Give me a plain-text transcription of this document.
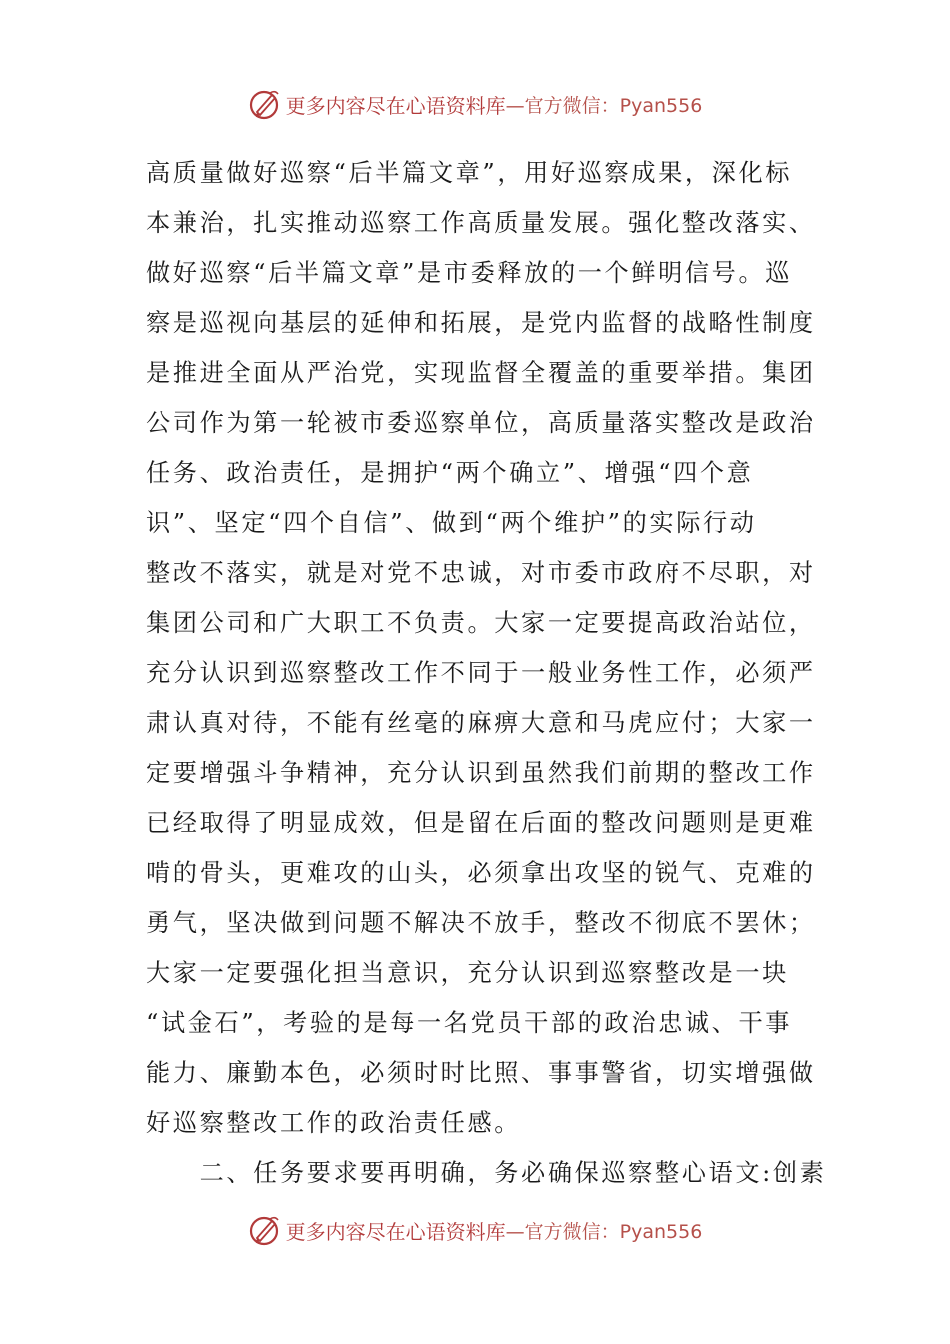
更多内容尽在心语资料库 —官方微信：Pyan556
高质量做好巡察“后半篇文章”，用好巡察成果，深化标
本兼治，扎实推动巡察工作高质量发展。强化整改落实、
做好巡察“后半篇文章”是市委释放的一个鲜明信号。巡
察是巡视向基层的延伸和拓展，是党内监督的战略性制度
是推进全面从严治党，实现监督全覆盖的重要举措。集团
公司作为第一轮被市委巡察单位，高质量落实整改是政治
任务、政治责任，是拥护“两个确立”、增强“四个意
识”、坚定“四个自信”、做到“两个维护”的实际行动
整改不落实，就是对党不忠诚，对市委市政府不尽职，对
集团公司和广大职工不负责。大家一定要提高政治站位，
充分认识到巡察整改工作不同于一般业务性工作，必须严
肃认真对待，不能有丝毫的麻痹大意和马虎应付；大家一
定要增强斗争精神，充分认识到虽然我们前期的整改工作
已经取得了明显成效，但是留在后面的整改问题则是更难
啃的骨头，更难攻的山头，必须拿出攻坚的锐气、克难的
勇气，坚决做到问题不解决不放手，整改不彻底不罢休；
大家一定要强化担当意识，充分认识到巡察整改是一块
“试金石”，考验的是每一名党员干部的政治忠诚、干事
能力、廉勤本色，必须时时比照、事事警省，切实增强做
好巡察整改工作的政治责任感。
　　二、任务要求要再明确，务必确保巡察整心语文:创素
更多内容尽在心语资料库 —官方微信：Pyan556
